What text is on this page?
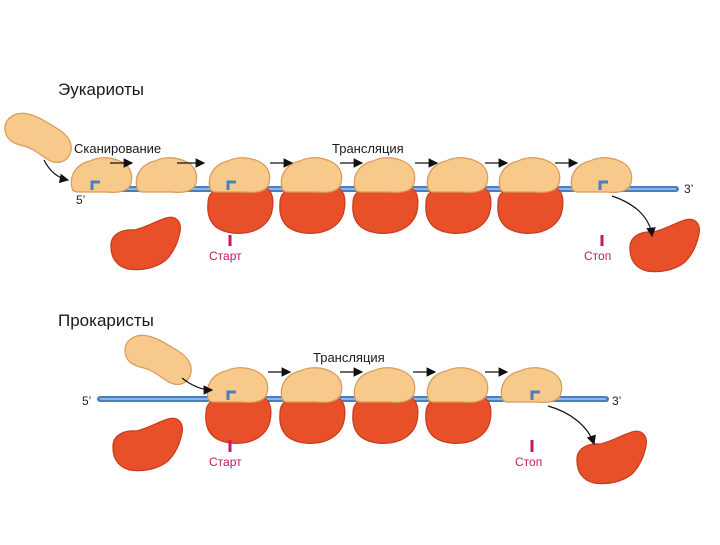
Эукариоты
Сканирование	Трансляция
5’
3’
Старт	Стоп
Прокаристы
Трансляция
5’	3’
Старт	Стоп
